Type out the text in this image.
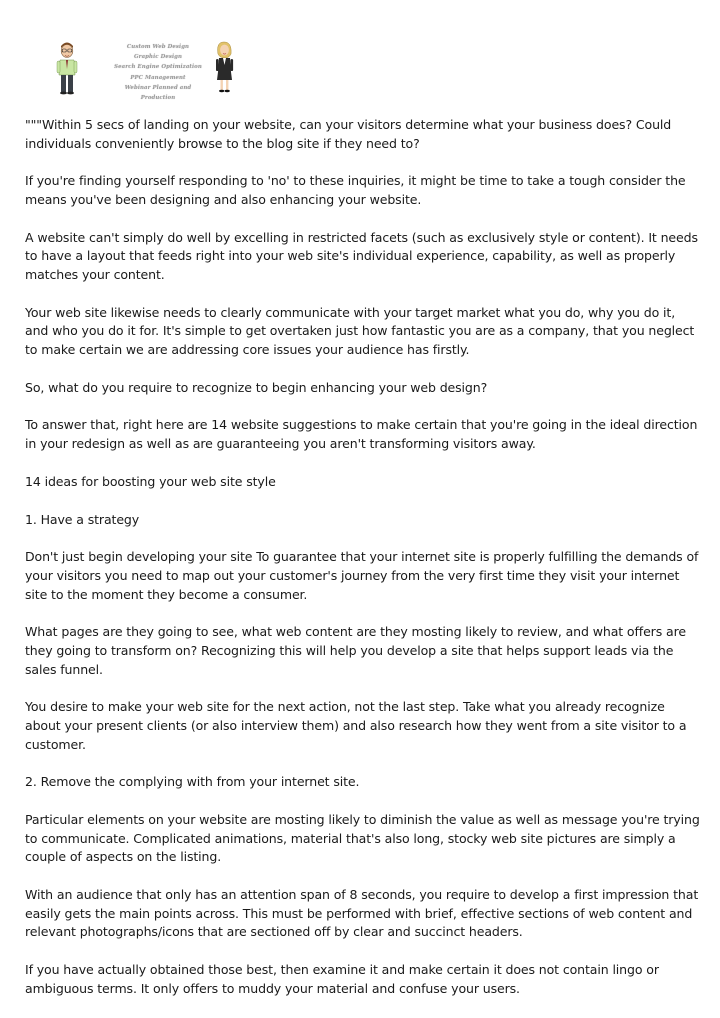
Custom Web Design
Graphic Design
Search Engine Optimization
PPC Management
Webinar Planned and Production

"""Within 5 secs of landing on your website, can your visitors determine what your business does? Could individuals conveniently browse to the blog site if they need to?

If you're finding yourself responding to 'no' to these inquiries, it might be time to take a tough consider the means you've been designing and also enhancing your website.

A website can't simply do well by excelling in restricted facets (such as exclusively style or content). It needs to have a layout that feeds right into your web site's individual experience, capability, as well as properly matches your content.

Your web site likewise needs to clearly communicate with your target market what you do, why you do it, and who you do it for. It's simple to get overtaken just how fantastic you are as a company, that you neglect to make certain we are addressing core issues your audience has firstly.

So, what do you require to recognize to begin enhancing your web design?

To answer that, right here are 14 website suggestions to make certain that you're going in the ideal direction in your redesign as well as are guaranteeing you aren't transforming visitors away.

14 ideas for boosting your web site style

1. Have a strategy

Don't just begin developing your site To guarantee that your internet site is properly fulfilling the demands of your visitors you need to map out your customer's journey from the very first time they visit your internet site to the moment they become a consumer.

What pages are they going to see, what web content are they mosting likely to review, and what offers are they going to transform on? Recognizing this will help you develop a site that helps support leads via the sales funnel.

You desire to make your web site for the next action, not the last step. Take what you already recognize about your present clients (or also interview them) and also research how they went from a site visitor to a customer.

2. Remove the complying with from your internet site.

Particular elements on your website are mosting likely to diminish the value as well as message you're trying to communicate. Complicated animations, material that's also long, stocky web site pictures are simply a couple of aspects on the listing.

With an audience that only has an attention span of 8 seconds, you require to develop a first impression that easily gets the main points across. This must be performed with brief, effective sections of web content and relevant photographs/icons that are sectioned off by clear and succinct headers.

If you have actually obtained those best, then examine it and make certain it does not contain lingo or ambiguous terms. It only offers to muddy your material and confuse your users.
